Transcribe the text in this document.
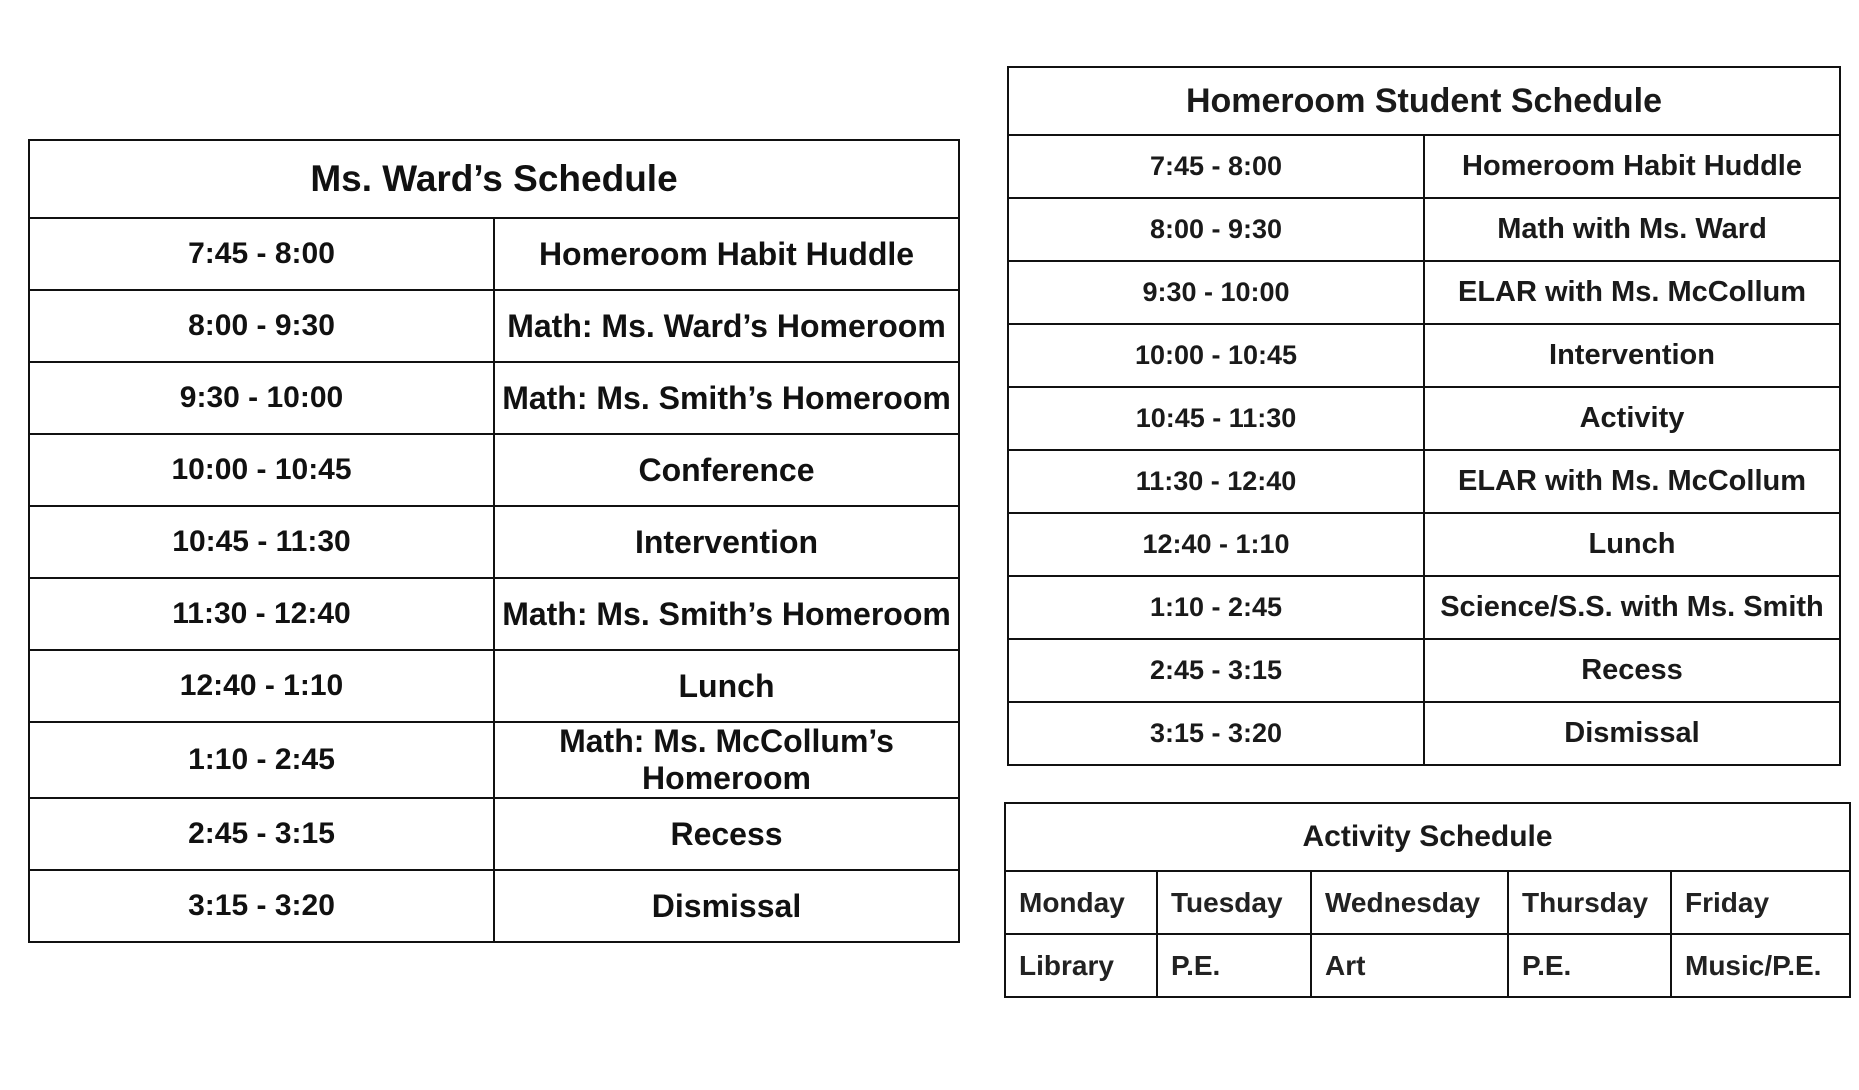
Ms. Ward’s Schedule	
7:45 - 8:00	Homeroom Habit Huddle
8:00 - 9:30	Math: Ms. Ward’s Homeroom
9:30 - 10:00	Math: Ms. Smith’s Homeroom
10:00 - 10:45	Conference
10:45 - 11:30	Intervention
11:30 - 12:40	Math: Ms. Smith’s Homeroom
12:40 - 1:10	Lunch
1:10 - 2:45	Math: Ms. McCollum’s Homeroom
2:45 - 3:15	Recess
3:15 - 3:20	Dismissal
Homeroom Student Schedule	
7:45 - 8:00	Homeroom Habit Huddle
8:00 - 9:30	Math with Ms. Ward
9:30 - 10:00	ELAR with Ms. McCollum
10:00 - 10:45	Intervention
10:45 - 11:30	Activity
11:30 - 12:40	ELAR with Ms. McCollum
12:40 - 1:10	Lunch
1:10 - 2:45	Science/S.S. with Ms. Smith
2:45 - 3:15	Recess
3:15 - 3:20	Dismissal
Activity Schedule				
Monday	Tuesday	Wednesday	Thursday	Friday
Library	P.E.	Art	P.E.	Music/P.E.
